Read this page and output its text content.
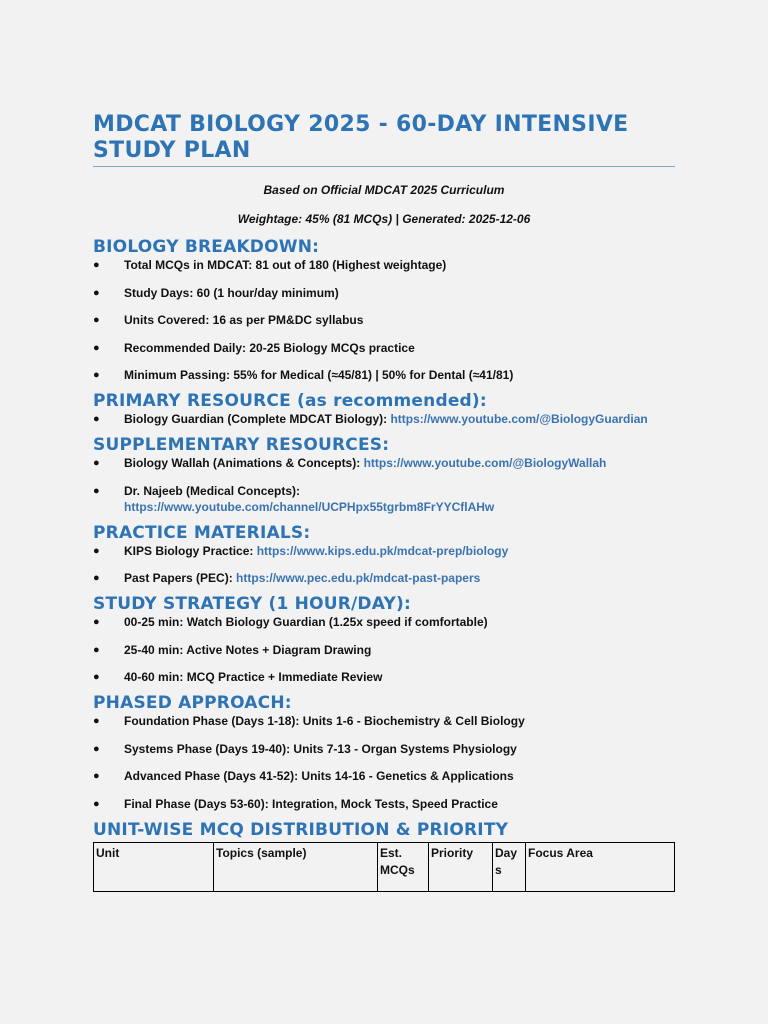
MDCAT BIOLOGY 2025 - 60-DAY INTENSIVE STUDY PLAN

Based on Official MDCAT 2025 Curriculum

Weightage: 45% (81 MCQs) | Generated: 2025-12-06

BIOLOGY BREAKDOWN:
● Total MCQs in MDCAT: 81 out of 180 (Highest weightage)
● Study Days: 60 (1 hour/day minimum)
● Units Covered: 16 as per PM&DC syllabus
● Recommended Daily: 20-25 Biology MCQs practice
● Minimum Passing: 55% for Medical (≈45/81) | 50% for Dental (≈41/81)
PRIMARY RESOURCE (as recommended):
● Biology Guardian (Complete MDCAT Biology): https://www.youtube.com/@BiologyGuardian
SUPPLEMENTARY RESOURCES:
● Biology Wallah (Animations & Concepts): https://www.youtube.com/@BiologyWallah
● Dr. Najeeb (Medical Concepts):
https://www.youtube.com/channel/UCPHpx55tgrbm8FrYYCflAHw
PRACTICE MATERIALS:
● KIPS Biology Practice: https://www.kips.edu.pk/mdcat-prep/biology
● Past Papers (PEC): https://www.pec.edu.pk/mdcat-past-papers
STUDY STRATEGY (1 HOUR/DAY):
● 00-25 min: Watch Biology Guardian (1.25x speed if comfortable)
● 25-40 min: Active Notes + Diagram Drawing
● 40-60 min: MCQ Practice + Immediate Review
PHASED APPROACH:
● Foundation Phase (Days 1-18): Units 1-6 - Biochemistry & Cell Biology
● Systems Phase (Days 19-40): Units 7-13 - Organ Systems Physiology
● Advanced Phase (Days 41-52): Units 14-16 - Genetics & Applications
● Final Phase (Days 53-60): Integration, Mock Tests, Speed Practice
UNIT-WISE MCQ DISTRIBUTION & PRIORITY
Unit	Topics (sample)	Est. MCQs	Priority	Day s	Focus Area
